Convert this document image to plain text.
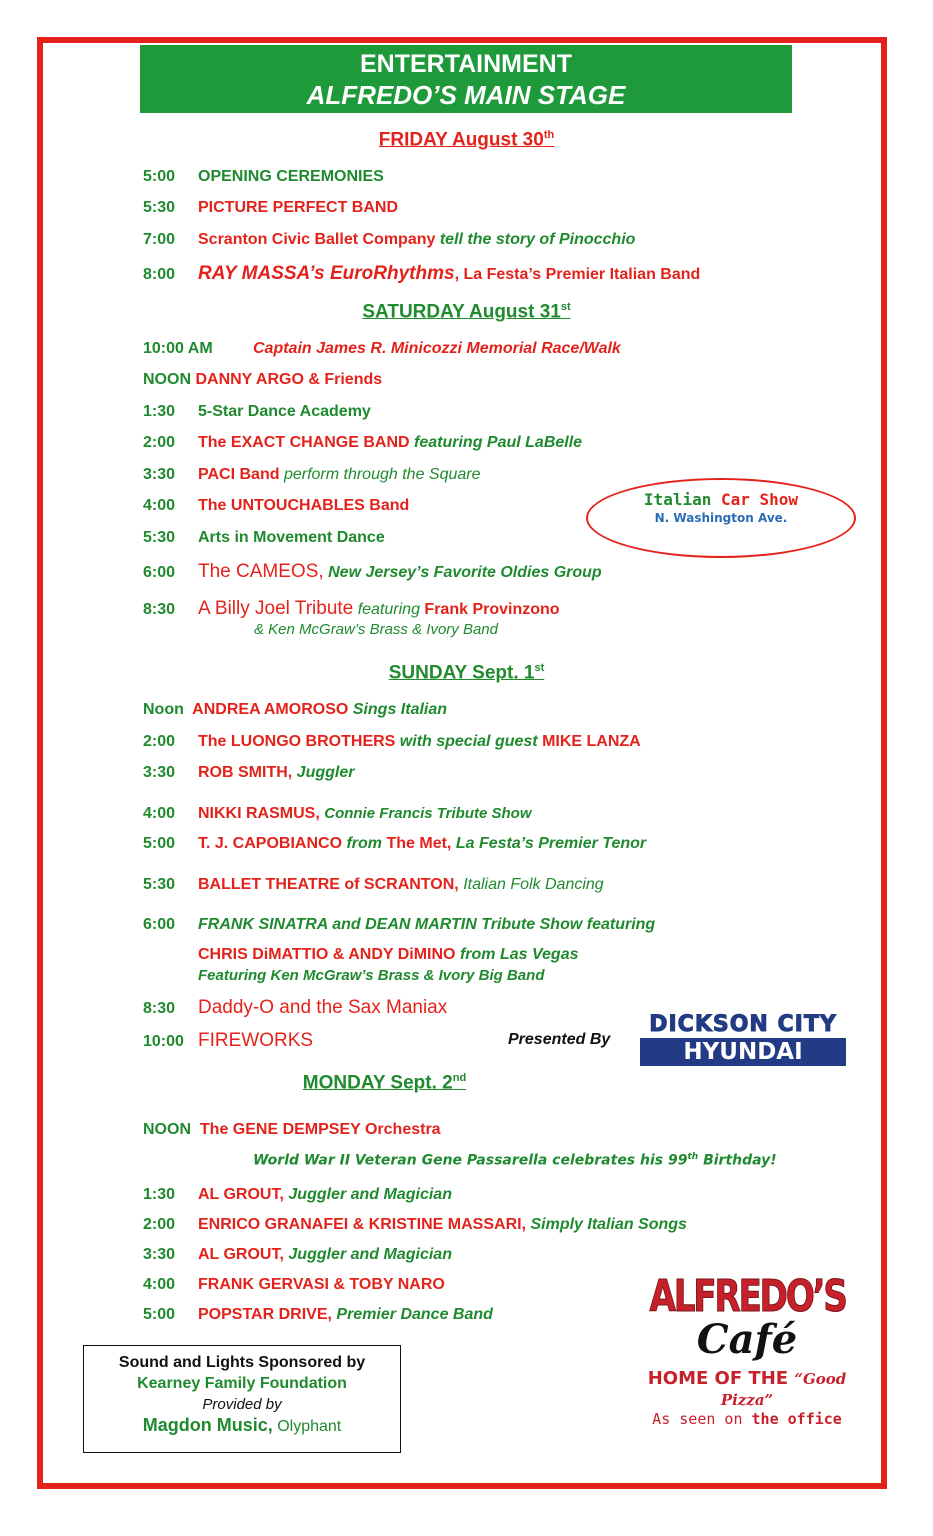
ENTERTAINMENT
ALFREDO’S MAIN STAGE
FRIDAY August 30th
5:00 OPENING CEREMONIES
5:30 PICTURE PERFECT BAND
7:00 Scranton Civic Ballet Company tell the story of Pinocchio
8:00 RAY MASSA’s EuroRhythms, La Festa’s Premier Italian Band
SATURDAY August 31st
10:00 AM	Captain James R. Minicozzi Memorial Race/Walk
NOON DANNY ARGO & Friends
1:30 5-Star Dance Academy
2:00 The EXACT CHANGE BAND featuring Paul LaBelle
3:30 PACI Band perform through the Square
4:00 The UNTOUCHABLES Band
5:30 Arts in Movement Dance
6:00 The CAMEOS, New Jersey’s Favorite Oldies Group
8:30 A Billy Joel Tribute featuring Frank Provinzono
& Ken McGraw’s Brass & Ivory Band
Italian Car Show
N. Washington Ave.
SUNDAY Sept. 1st
Noon ANDREA AMOROSO Sings Italian
2:00 The LUONGO BROTHERS with special guest MIKE LANZA
3:30 ROB SMITH, Juggler
4:00 NIKKI RASMUS, Connie Francis Tribute Show
5:00 T. J. CAPOBIANCO from The Met, La Festa’s Premier Tenor
5:30 BALLET THEATRE of SCRANTON, Italian Folk Dancing
6:00 FRANK SINATRA and DEAN MARTIN Tribute Show featuring
CHRIS DiMATTIO & ANDY DiMINO from Las Vegas
Featuring Ken McGraw’s Brass & Ivory Big Band
8:30 Daddy-O and the Sax Maniax
10:00 FIREWORKS	Presented By
DICKSON CITY
HYUNDAI
MONDAY Sept. 2nd
NOON The GENE DEMPSEY Orchestra
World War II Veteran Gene Passarella celebrates his 99th Birthday!
1:30 AL GROUT, Juggler and Magician
2:00 ENRICO GRANAFEI & KRISTINE MASSARI, Simply Italian Songs
3:30 AL GROUT, Juggler and Magician
4:00 FRANK GERVASI & TOBY NARO
5:00 POPSTAR DRIVE, Premier Dance Band
Sound and Lights Sponsored by
Kearney Family Foundation
Provided by
Magdon Music, Olyphant
ALFREDO’S
Café
HOME OF THE “Good Pizza”
As seen on the office
